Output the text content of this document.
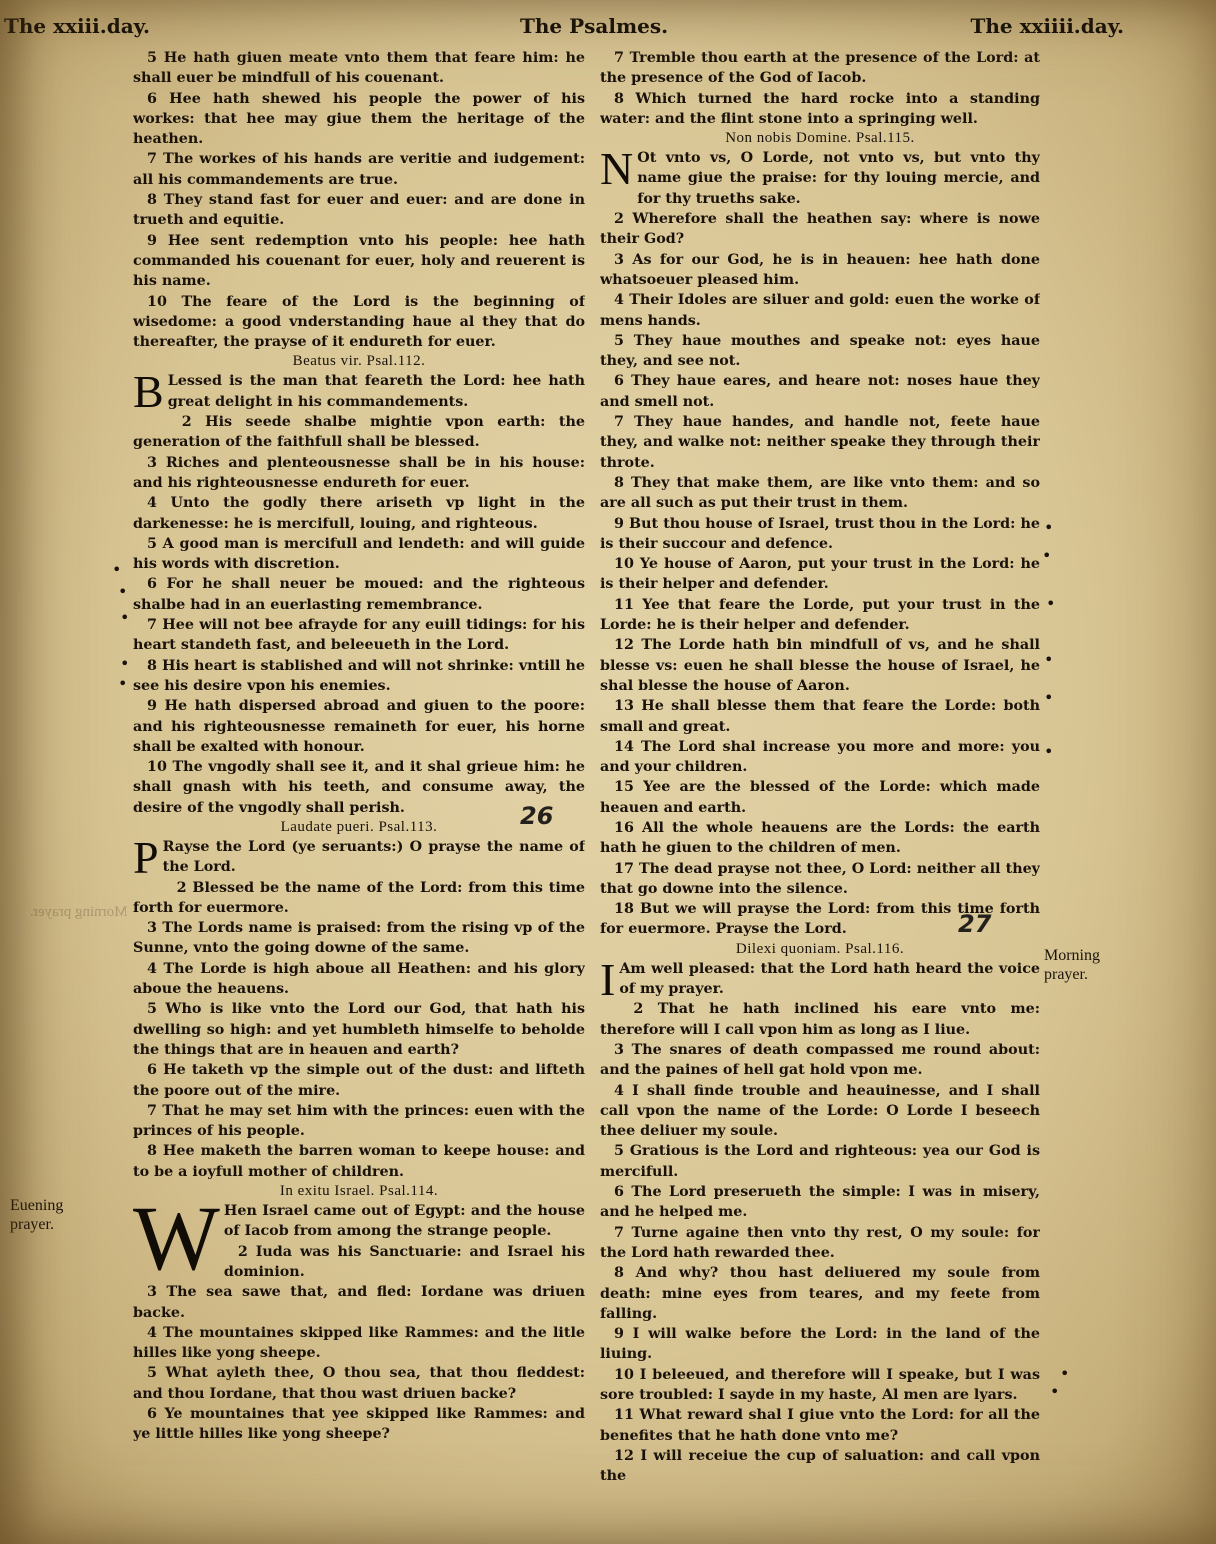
The xxiii.day.	The Psalmes.	The xxiiii.day.
Morning prayer.

5 He hath giuen meate vnto them that feare him: he shall euer be mindfull of his couenant.

6 Hee hath shewed his people the power of his workes: that hee may giue them the heritage of the heathen.

7 The workes of his hands are veritie and iudgement: all his commandements are true.

8 They stand fast for euer and euer: and are done in trueth and equitie.

9 Hee sent redemption vnto his people: hee hath commanded his couenant for euer, holy and reuerent is his name.

10 The feare of the Lord is the beginning of wisedome: a good vnderstanding haue al they that do thereafter, the prayse of it endureth for euer.

Beatus vir. Psal.112.

B Lessed is the man that feareth the Lord: hee hath great delight in his commandements.

2 His seede shalbe mightie vpon earth: the generation of the faithfull shall be blessed.

3 Riches and plenteousnesse shall be in his house: and his righteousnesse endureth for euer.

4 Unto the godly there ariseth vp light in the darkenesse: he is mercifull, louing, and righteous.

5 A good man is mercifull and lendeth: and will guide his words with discretion.

6 For he shall neuer be moued: and the righteous shalbe had in an euerlasting remembrance.

7 Hee will not bee afrayde for any euill tidings: for his heart standeth fast, and beleeueth in the Lord.

8 His heart is stablished and will not shrinke: vntill he see his desire vpon his enemies.

9 He hath dispersed abroad and giuen to the poore: and his righteousnesse remaineth for euer, his horne shall be exalted with honour.

10 The vngodly shall see it, and it shal grieue him: he shall gnash with his teeth, and consume away, the desire of the vngodly shall perish.

Laudate pueri. Psal.113.

P Rayse the Lord (ye seruants:) O prayse the name of the Lord.

2 Blessed be the name of the Lord: from this time forth for euermore.

3 The Lords name is praised: from the rising vp of the Sunne, vnto the going downe of the same.

4 The Lorde is high aboue all Heathen: and his glory aboue the heauens.

5 Who is like vnto the Lord our God, that hath his dwelling so high: and yet humbleth himselfe to beholde the things that are in heauen and earth?

6 He taketh vp the simple out of the dust: and lifteth the poore out of the mire.

7 That he may set him with the princes: euen with the princes of his people.

8 Hee maketh the barren woman to keepe house: and to be a ioyfull mother of children.

In exitu Israel. Psal.114.

W Hen Israel came out of Egypt: and the house of Iacob from among the strange people.

2 Iuda was his Sanctuarie: and Israel his dominion.

3 The sea sawe that, and fled: Iordane was driuen backe.

4 The mountaines skipped like Rammes: and the litle hilles like yong sheepe.

5 What ayleth thee, O thou sea, that thou fleddest: and thou Iordane, that thou wast driuen backe?

6 Ye mountaines that yee skipped like Rammes: and ye little hilles like yong sheepe?

7 Tremble thou earth at the presence of the Lord: at the presence of the God of Iacob.

8 Which turned the hard rocke into a standing water: and the flint stone into a springing well.

Non nobis Domine. Psal.115.

N Ot vnto vs, O Lorde, not vnto vs, but vnto thy name giue the praise: for thy louing mercie, and for thy trueths sake.

2 Wherefore shall the heathen say: where is nowe their God?

3 As for our God, he is in heauen: hee hath done whatsoeuer pleased him.

4 Their Idoles are siluer and gold: euen the worke of mens hands.

5 They haue mouthes and speake not: eyes haue they, and see not.

6 They haue eares, and heare not: noses haue they and smell not.

7 They haue handes, and handle not, feete haue they, and walke not: neither speake they through their throte.

8 They that make them, are like vnto them: and so are all such as put their trust in them.

9 But thou house of Israel, trust thou in the Lord: he is their succour and defence.

10 Ye house of Aaron, put your trust in the Lord: he is their helper and defender.

11 Yee that feare the Lorde, put your trust in the Lorde: he is their helper and defender.

12 The Lorde hath bin mindfull of vs, and he shall blesse vs: euen he shall blesse the house of Israel, he shal blesse the house of Aaron.

13 He shall blesse them that feare the Lorde: both small and great.

14 The Lord shal increase you more and more: you and your children.

15 Yee are the blessed of the Lorde: which made heauen and earth.

16 All the whole heauens are the Lords: the earth hath he giuen to the children of men.

17 The dead prayse not thee, O Lord: neither all they that go downe into the silence.

18 But we will prayse the Lord: from this time forth for euermore. Prayse the Lord.

Dilexi quoniam. Psal.116.

I Am well pleased: that the Lord hath heard the voice of my prayer.

2 That he hath inclined his eare vnto me: therefore will I call vpon him as long as I liue.

3 The snares of death compassed me round about: and the paines of hell gat hold vpon me.

4 I shall finde trouble and heauinesse, and I shall call vpon the name of the Lorde: O Lorde I beseech thee deliuer my soule.

5 Gratious is the Lord and righteous: yea our God is mercifull.

6 The Lord preserueth the simple: I was in misery, and he helped me.

7 Turne againe then vnto thy rest, O my soule: for the Lord hath rewarded thee.

8 And why? thou hast deliuered my soule from death: mine eyes from teares, and my feete from falling.

9 I will walke before the Lord: in the land of the liuing.

10 I beleeued, and therefore will I speake, but I was sore troubled: I sayde in my haste, Al men are lyars.

11 What reward shal I giue vnto the Lord: for all the benefites that he hath done vnto me?

12 I will receiue the cup of saluation: and call vpon the

26
27
Morning prayer.
Euening prayer.
•
•
•
•
•
•
•
•
•
•
•
•
•
